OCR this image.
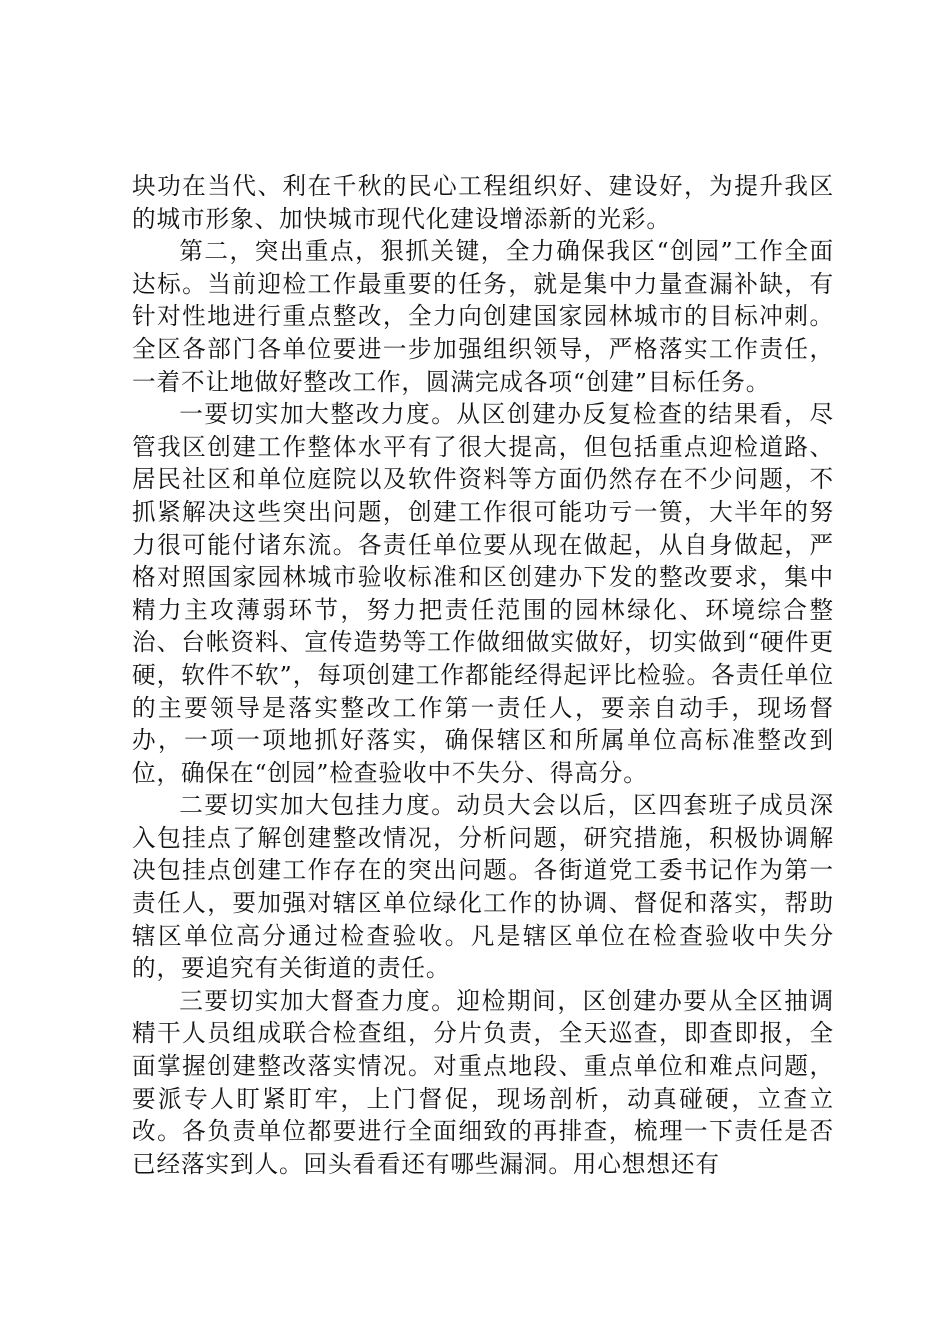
块功在当代、利在千秋的民心工程组织好、建设好，为提升我区的城市形象、加快城市现代化建设增添新的光彩。

第二，突出重点，狠抓关键，全力确保我区“创园”工作全面达标。当前迎检工作最重要的任务，就是集中力量查漏补缺，有针对性地进行重点整改，全力向创建国家园林城市的目标冲刺。全区各部门各单位要进一步加强组织领导，严格落实工作责任，一着不让地做好整改工作，圆满完成各项“创建”目标任务。

一要切实加大整改力度。从区创建办反复检查的结果看，尽管我区创建工作整体水平有了很大提高，但包括重点迎检道路、居民社区和单位庭院以及软件资料等方面仍然存在不少问题，不抓紧解决这些突出问题，创建工作很可能功亏一篑，大半年的努力很可能付诸东流。各责任单位要从现在做起，从自身做起，严格对照国家园林城市验收标准和区创建办下发的整改要求，集中精力主攻薄弱环节，努力把责任范围的园林绿化、环境综合整治、台帐资料、宣传造势等工作做细做实做好，切实做到“硬件更硬，软件不软”，每项创建工作都能经得起评比检验。各责任单位的主要领导是落实整改工作第一责任人，要亲自动手，现场督办，一项一项地抓好落实，确保辖区和所属单位高标准整改到位，确保在“创园”检查验收中不失分、得高分。

二要切实加大包挂力度。动员大会以后，区四套班子成员深入包挂点了解创建整改情况，分析问题，研究措施，积极协调解决包挂点创建工作存在的突出问题。各街道党工委书记作为第一责任人，要加强对辖区单位绿化工作的协调、督促和落实，帮助辖区单位高分通过检查验收。凡是辖区单位在检查验收中失分的，要追究有关街道的责任。

三要切实加大督查力度。迎检期间，区创建办要从全区抽调精干人员组成联合检查组，分片负责，全天巡查，即查即报，全面掌握创建整改落实情况。对重点地段、重点单位和难点问题，要派专人盯紧盯牢，上门督促，现场剖析，动真碰硬，立查立改。各负责单位都要进行全面细致的再排查，梳理一下责任是否已经落实到人。回头看看还有哪些漏洞。用心想想还有
